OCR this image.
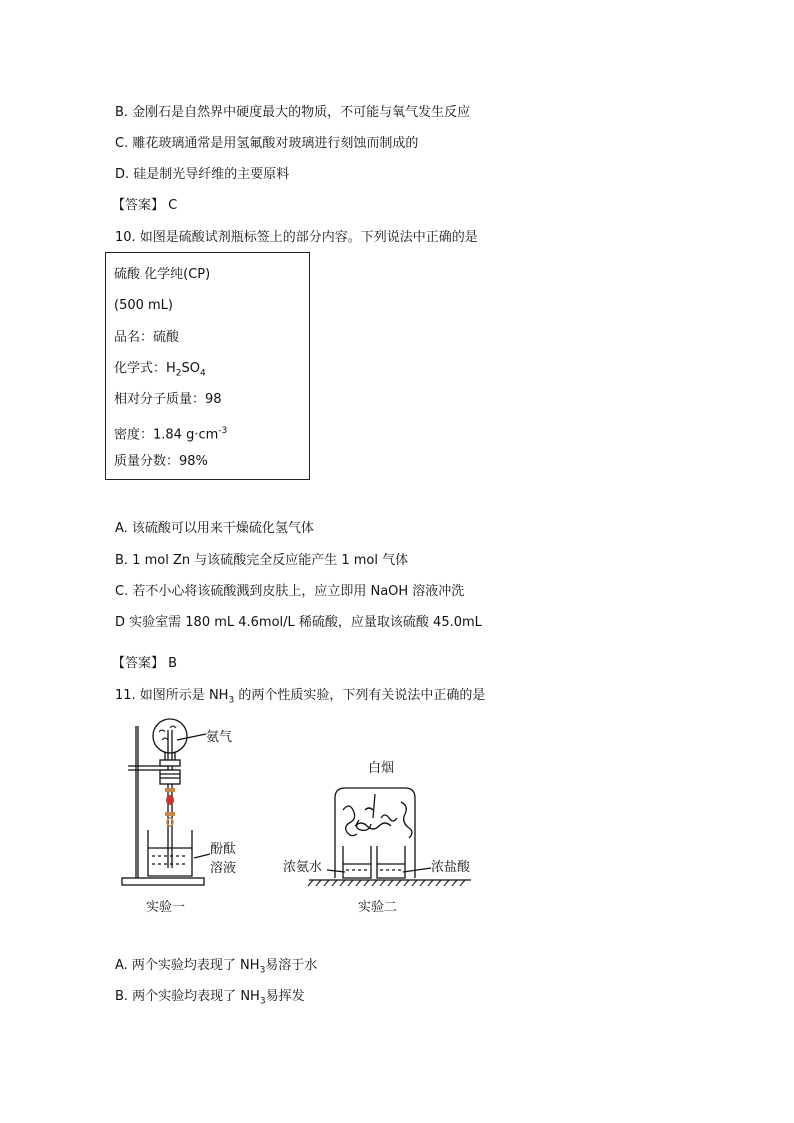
B. 金刚石是自然界中硬度最大的物质，不可能与氧气发生反应
C. 雕花玻璃通常是用氢氟酸对玻璃进行刻蚀而制成的
D. 硅是制光导纤维的主要原料
【答案】 C
10. 如图是硫酸试剂瓶标签上的部分内容。下列说法中正确的是
硫酸 化学纯(CP)
(500 mL)
品名：硫酸
化学式：$H_2SO_4$
相对分子质量：98
密度：1.84 $g\cdot cm^{-3}$
质量分数：98%
A. 该硫酸可以用来干燥硫化氢气体
B. 1 mol Zn 与该硫酸完全反应能产生 1 mol 气体
C. 若不小心将该硫酸溅到皮肤上，应立即用 NaOH 溶液冲洗
D 实验室需 180 mL 4.6mol/L 稀硫酸，应量取该硫酸 45.0mL
【答案】 B
11. 如图所示是 $NH_3$ 的两个性质实验，下列有关说法中正确的是
氨气
酚酞
溶液
实验一
白烟
浓氨水	浓盐酸
实验二
A. 两个实验均表现了 $NH_3$易溶于水
B. 两个实验均表现了 $NH_3$易挥发
